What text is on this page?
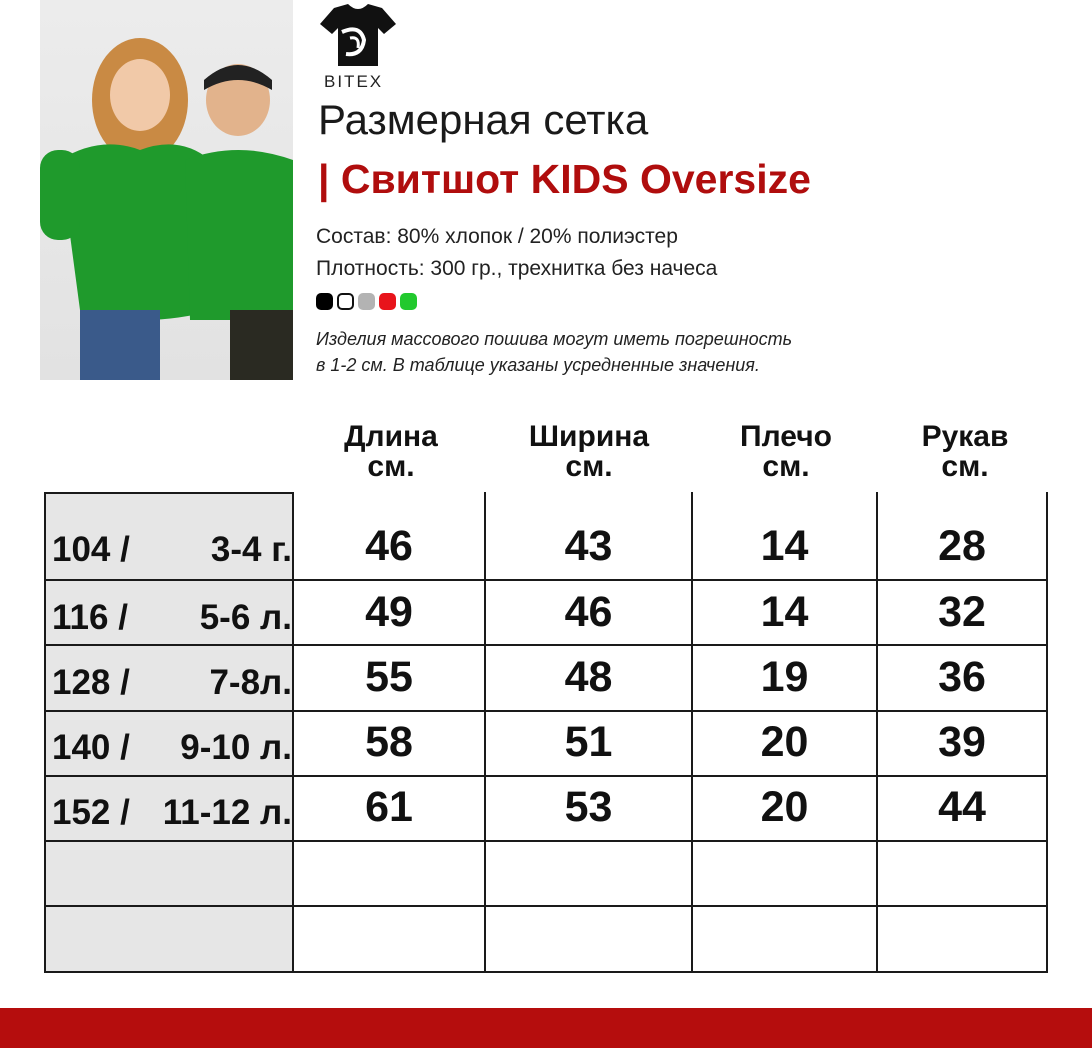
BITEX
Размерная сетка
| Свитшот KIDS Oversize
Состав: 80% хлопок / 20% полиэстер
Плотность: 300 гр., трехнитка без начеса
Изделия массового пошива могут иметь погрешность
в 1-2 см. В таблице указаны усредненные значения.
Длина
см.
Ширина
см.
Плечо
см.
Рукав
см.
104 / 3-4 г.	46	43	14	28
116 / 5-6 л.	49	46	14	32
128 / 7-8л.	55	48	19	36
140 / 9-10 л.	58	51	20	39
152 / 11-12 л.	61	53	20	44
